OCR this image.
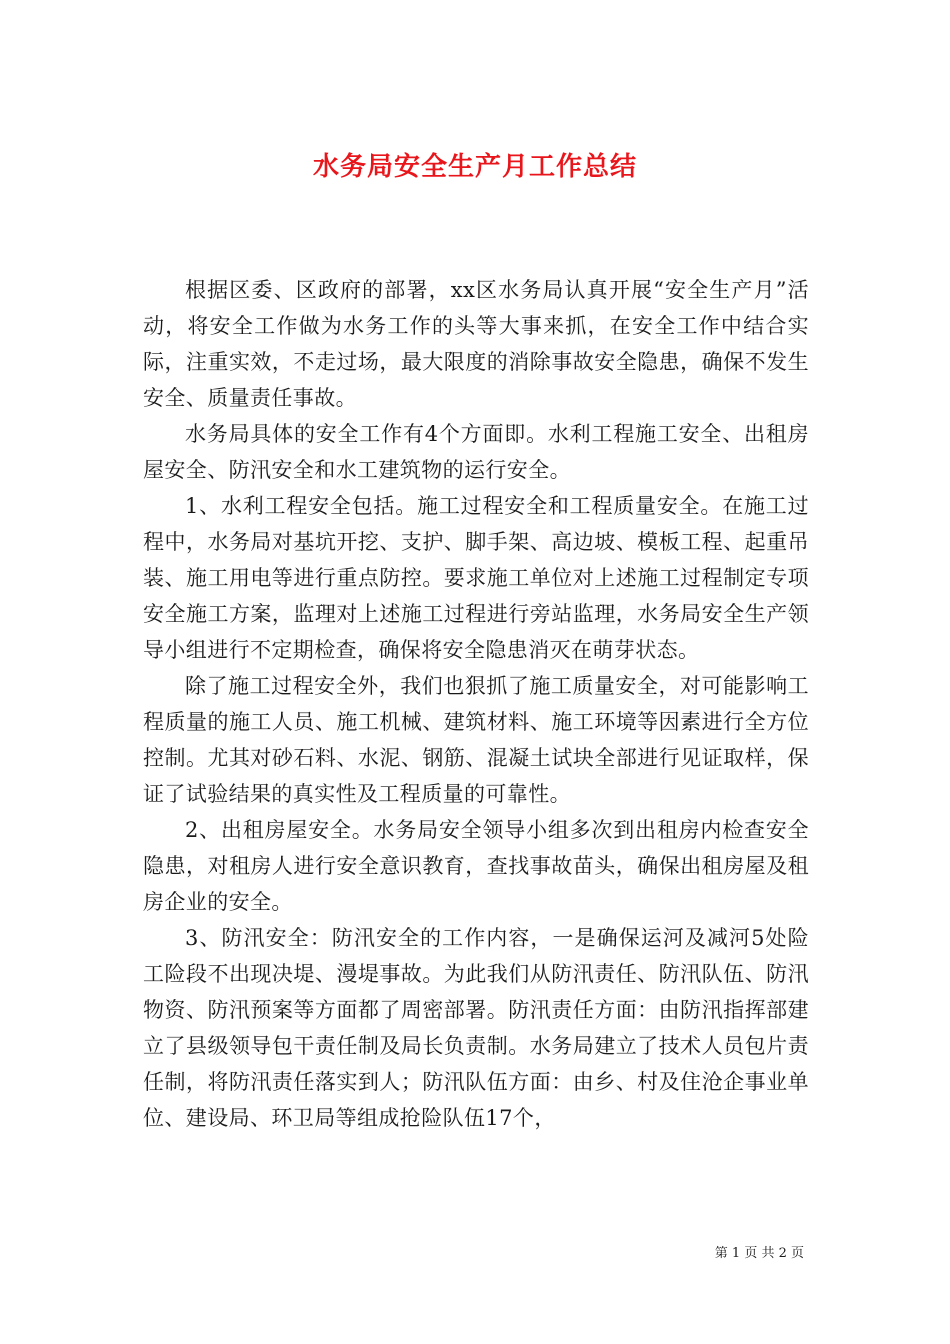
水务局安全生产月工作总结

根据区委、区政府的部署，xx区水务局认真开展“安全生产月”活动，将安全工作做为水务工作的头等大事来抓，在安全工作中结合实际，注重实效，不走过场，最大限度的消除事故安全隐患，确保不发生安全、质量责任事故。

水务局具体的安全工作有4个方面即。水利工程施工安全、出租房屋安全、防汛安全和水工建筑物的运行安全。

1、水利工程安全包括。施工过程安全和工程质量安全。在施工过程中，水务局对基坑开挖、支护、脚手架、高边坡、模板工程、起重吊装、施工用电等进行重点防控。要求施工单位对上述施工过程制定专项安全施工方案，监理对上述施工过程进行旁站监理，水务局安全生产领导小组进行不定期检查，确保将安全隐患消灭在萌芽状态。

除了施工过程安全外，我们也狠抓了施工质量安全，对可能影响工程质量的施工人员、施工机械、建筑材料、施工环境等因素进行全方位控制。尤其对砂石料、水泥、钢筋、混凝土试块全部进行见证取样，保证了试验结果的真实性及工程质量的可靠性。

2、出租房屋安全。水务局安全领导小组多次到出租房内检查安全隐患，对租房人进行安全意识教育，查找事故苗头，确保出租房屋及租房企业的安全。

3、防汛安全：防汛安全的工作内容，一是确保运河及减河5处险工险段不出现决堤、漫堤事故。为此我们从防汛责任、防汛队伍、防汛物资、防汛预案等方面都了周密部署。防汛责任方面：由防汛指挥部建立了县级领导包干责任制及局长负责制。水务局建立了技术人员包片责任制，将防汛责任落实到人；防汛队伍方面：由乡、村及住沧企事业单位、建设局、环卫局等组成抢险队伍17个，

第 1 页 共 2 页
